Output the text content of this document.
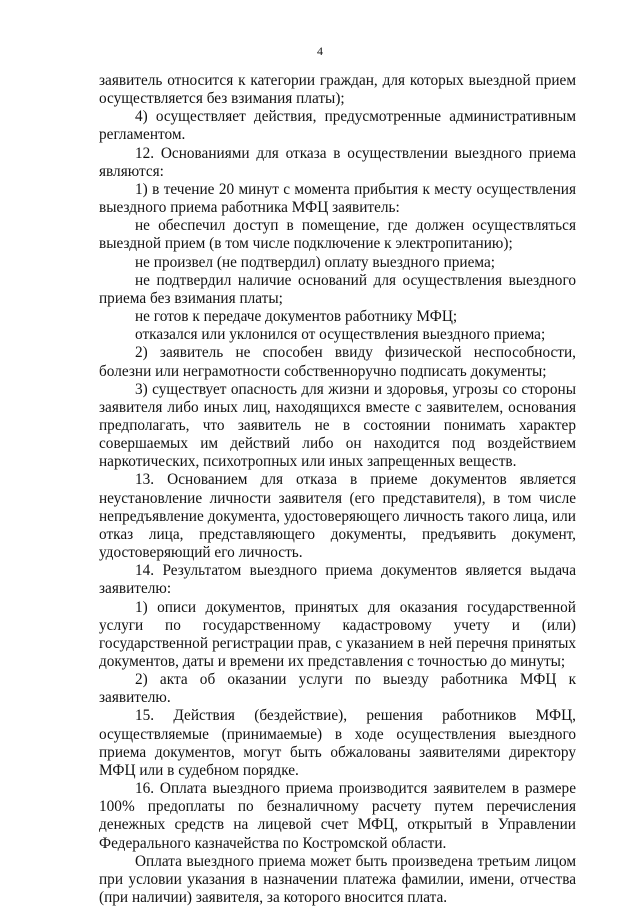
4

заявитель относится к категории граждан, для которых выездной прием осуществляется без взимания платы);

4) осуществляет действия, предусмотренные административным регламентом.

12. Основаниями для отказа в осуществлении выездного приема являются:

1) в течение 20 минут с момента прибытия к месту осуществления выездного приема работника МФЦ заявитель:

не обеспечил доступ в помещение, где должен осуществляться выездной прием (в том числе подключение к электропитанию);

не произвел (не подтвердил) оплату выездного приема;

не подтвердил наличие оснований для осуществления выездного приема без взимания платы;

не готов к передаче документов работнику МФЦ;

отказался или уклонился от осуществления выездного приема;

2) заявитель не способен ввиду физической неспособности, болезни или неграмотности собственноручно подписать документы;

3) существует опасность для жизни и здоровья, угрозы со стороны заявителя либо иных лиц, находящихся вместе с заявителем, основания предполагать, что заявитель не в состоянии понимать характер совершаемых им действий либо он находится под воздействием наркотических, психотропных или иных запрещенных веществ.

13. Основанием для отказа в приеме документов является неустановление личности заявителя (его представителя), в том числе непредъявление документа, удостоверяющего личность такого лица, или отказ лица, представляющего документы, предъявить документ, удостоверяющий его личность.

14. Результатом выездного приема документов является выдача заявителю:

1) описи документов, принятых для оказания государственной услуги по государственному кадастровому учету и (или) государственной регистрации прав, с указанием в ней перечня принятых документов, даты и времени их представления с точностью до минуты;

2) акта об оказании услуги по выезду работника МФЦ к заявителю.

15. Действия (бездействие), решения работников МФЦ, осуществляемые (принимаемые) в ходе осуществления выездного приема документов, могут быть обжалованы заявителями директору МФЦ или в судебном порядке.

16. Оплата выездного приема производится заявителем в размере 100% предоплаты по безналичному расчету путем перечисления денежных средств на лицевой счет МФЦ, открытый в Управлении Федерального казначейства по Костромской области.

Оплата выездного приема может быть произведена третьим лицом при условии указания в назначении платежа фамилии, имени, отчества (при наличии) заявителя, за которого вносится плата.
